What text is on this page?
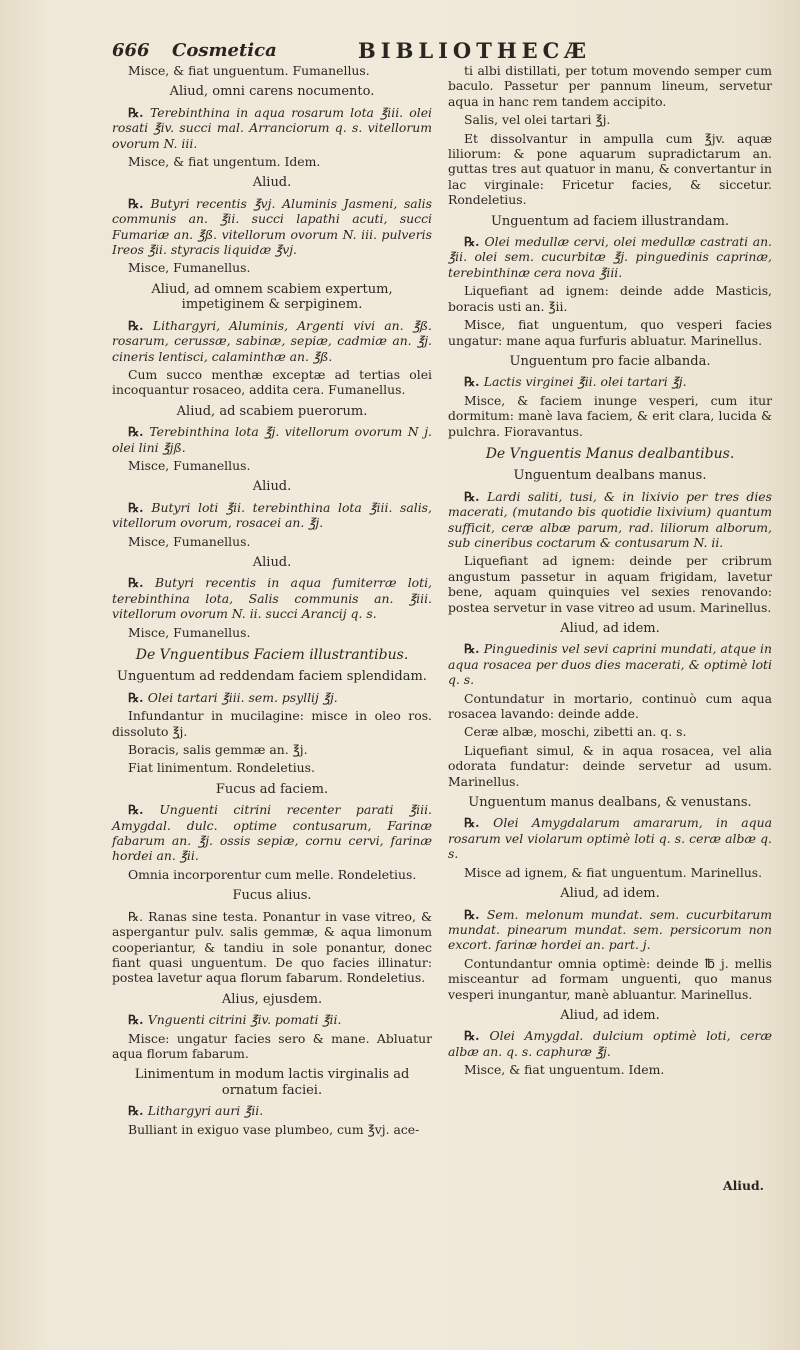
666 Cosmetica	BIBLIOTHECÆ

Misce, & fiat unguentum. Fumanellus.

Aliud, omni carens nocumento.

℞. Terebinthina in aqua rosarum lota ℥iii. olei rosati ℥iv. succi mal. Arranciorum q. s. vitellorum ovorum N. iii.

Misce, & fiat ungentum. Idem.

Aliud.

℞. Butyri recentis ℥vj. Aluminis Jasmeni, salis communis an. ℥ii. succi lapathi acuti, succi Fumariæ an. ℥ß. vitellorum ovorum N. iii. pulveris Ireos ℥ii. styracis liquidæ ℥vj.

Misce, Fumanellus.

Aliud, ad omnem scabiem expertum, impetiginem & serpiginem.

℞. Lithargyri, Aluminis, Argenti vivi an. ℥ß. rosarum, cerussæ, sabinæ, sepiæ, cadmiæ an. ℥j. cineris lentisci, calaminthæ an. ℥ß.

Cum succo menthæ exceptæ ad tertias olei incoquantur rosaceo, addita cera. Fumanellus.

Aliud, ad scabiem puerorum.

℞. Terebinthina lota ℥j. vitellorum ovorum N j. olei lini ℥jß.

Misce, Fumanellus.

Aliud.

℞. Butyri loti ℥ii. terebinthina lota ℥iii. salis, vitellorum ovorum, rosacei an. ℥j.

Misce, Fumanellus.

Aliud.

℞. Butyri recentis in aqua fumiterræ loti, terebinthina lota, Salis communis an. ℥iii. vitellorum ovorum N. ii. succi Arancij q. s.

Misce, Fumanellus.

De Vnguentibus Faciem illustrantibus.

Unguentum ad reddendam faciem splendidam.

℞. Olei tartari ℥iii. sem. psyllij ℥j.

Infundantur in mucilagine: misce in oleo ros. dissoluto ℥j.

Boracis, salis gemmæ an. ℥j.

Fiat linimentum. Rondeletius.

Fucus ad faciem.

℞. Unguenti citrini recenter parati ℥iii. Amygdal. dulc. optime contusarum, Farinæ fabarum an. ℥j. ossis sepiæ, cornu cervi, farinæ hordei an. ℥ii.

Omnia incorporentur cum melle. Rondeletius.

Fucus alius.

℞. Ranas sine testa. Ponantur in vase vitreo, & aspergantur pulv. salis gemmæ, & aqua limonum cooperiantur, & tandiu in sole ponantur, donec fiant quasi unguentum. De quo facies illinatur: postea lavetur aqua florum fabarum. Rondeletius.

Alius, ejusdem.

℞. Vnguenti citrini ℥iv. pomati ℥ii.

Misce: ungatur facies sero & mane. Abluatur aqua florum fabarum.

Linimentum in modum lactis virginalis ad ornatum faciei.

℞. Lithargyri auri ℥ii.

Bulliant in exiguo vase plumbeo, cum ℥vj. ace-

ti albi distillati, per totum movendo semper cum baculo. Passetur per pannum lineum, servetur aqua in hanc rem tandem accipito.

Salis, vel olei tartari ℥j.

Et dissolvantur in ampulla cum ℥jv. aquæ liliorum: & pone aquarum supradictarum an. guttas tres aut quatuor in manu, & convertantur in lac virginale: Fricetur facies, & siccetur. Rondeletius.

Unguentum ad faciem illustrandam.

℞. Olei medullæ cervi, olei medullæ castrati an. ℥ii. olei sem. cucurbitæ ℥j. pinguedinis caprinæ, terebinthinæ cera nova ℥iii.

Liquefiant ad ignem: deinde adde Masticis, boracis usti an. ℥ii.

Misce, fiat unguentum, quo vesperi facies ungatur: mane aqua furfuris abluatur. Marinellus.

Unguentum pro facie albanda.

℞. Lactis virginei ℥ii. olei tartari ℥j.

Misce, & faciem inunge vesperi, cum itur dormitum: manè lava faciem, & erit clara, lucida & pulchra. Fioravantus.

De Vnguentis Manus dealbantibus.

Unguentum dealbans manus.

℞. Lardi saliti, tusi, & in lixivio per tres dies macerati, (mutando bis quotidie lixivium) quantum sufficit, ceræ albæ parum, rad. liliorum alborum, sub cineribus coctarum & contusarum N. ii.

Liquefiant ad ignem: deinde per cribrum angustum passetur in aquam frigidam, lavetur bene, aquam quinquies vel sexies renovando: postea servetur in vase vitreo ad usum. Marinellus.

Aliud, ad idem.

℞. Pinguedinis vel sevi caprini mundati, atque in aqua rosacea per duos dies macerati, & optimè loti q. s.

Contundatur in mortario, continuò cum aqua rosacea lavando: deinde adde.

Ceræ albæ, moschi, zibetti an. q. s.

Liquefiant simul, & in aqua rosacea, vel alia odorata fundatur: deinde servetur ad usum. Marinellus.

Unguentum manus dealbans, & venustans.

℞. Olei Amygdalarum amararum, in aqua rosarum vel violarum optimè loti q. s. ceræ albæ q. s.

Misce ad ignem, & fiat unguentum. Marinellus.

Aliud, ad idem.

℞. Sem. melonum mundat. sem. cucurbitarum mundat. pinearum mundat. sem. persicorum non excort. farinæ hordei an. part. j.

Contundantur omnia optimè: deinde ℔ j. mellis misceantur ad formam unguenti, quo manus vesperi inungantur, manè abluantur. Marinellus.

Aliud, ad idem.

℞. Olei Amygdal. dulcium optimè loti, ceræ albæ an. q. s. caphuræ ℥j.

Misce, & fiat unguentum. Idem.

Aliud.
